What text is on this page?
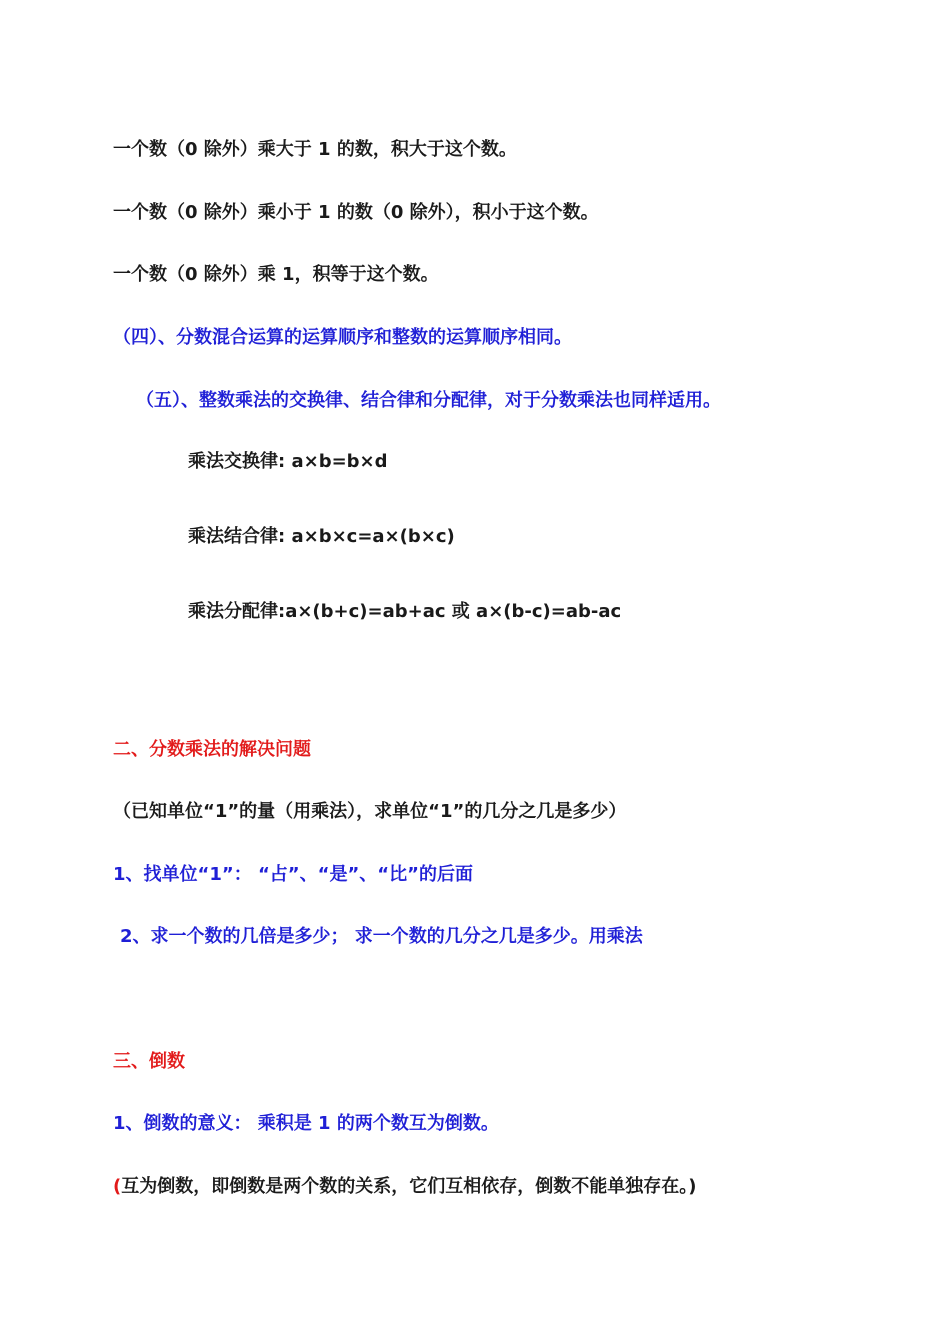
一个数（0 除外）乘大于 1 的数，积大于这个数。
一个数（0 除外）乘小于 1 的数（0 除外），积小于这个数。
一个数（0 除外）乘 1，积等于这个数。
（四）、分数混合运算的运算顺序和整数的运算顺序相同。
（五）、整数乘法的交换律、结合律和分配律，对于分数乘法也同样适用。
乘法交换律: a×b=b×d
乘法结合律: a×b×c=a×(b×c)
乘法分配律:a×(b+c)=ab+ac 或 a×(b-c)=ab-ac
二、分数乘法的解决问题
（已知单位“1”的量（用乘法），求单位“1”的几分之几是多少）
1、找单位“1”： “占”、“是”、“比”的后面
2、求一个数的几倍是多少； 求一个数的几分之几是多少。用乘法
三、倒数
1、倒数的意义： 乘积是 1 的两个数互为倒数。
(互为倒数，即倒数是两个数的关系，它们互相依存，倒数不能单独存在。)
